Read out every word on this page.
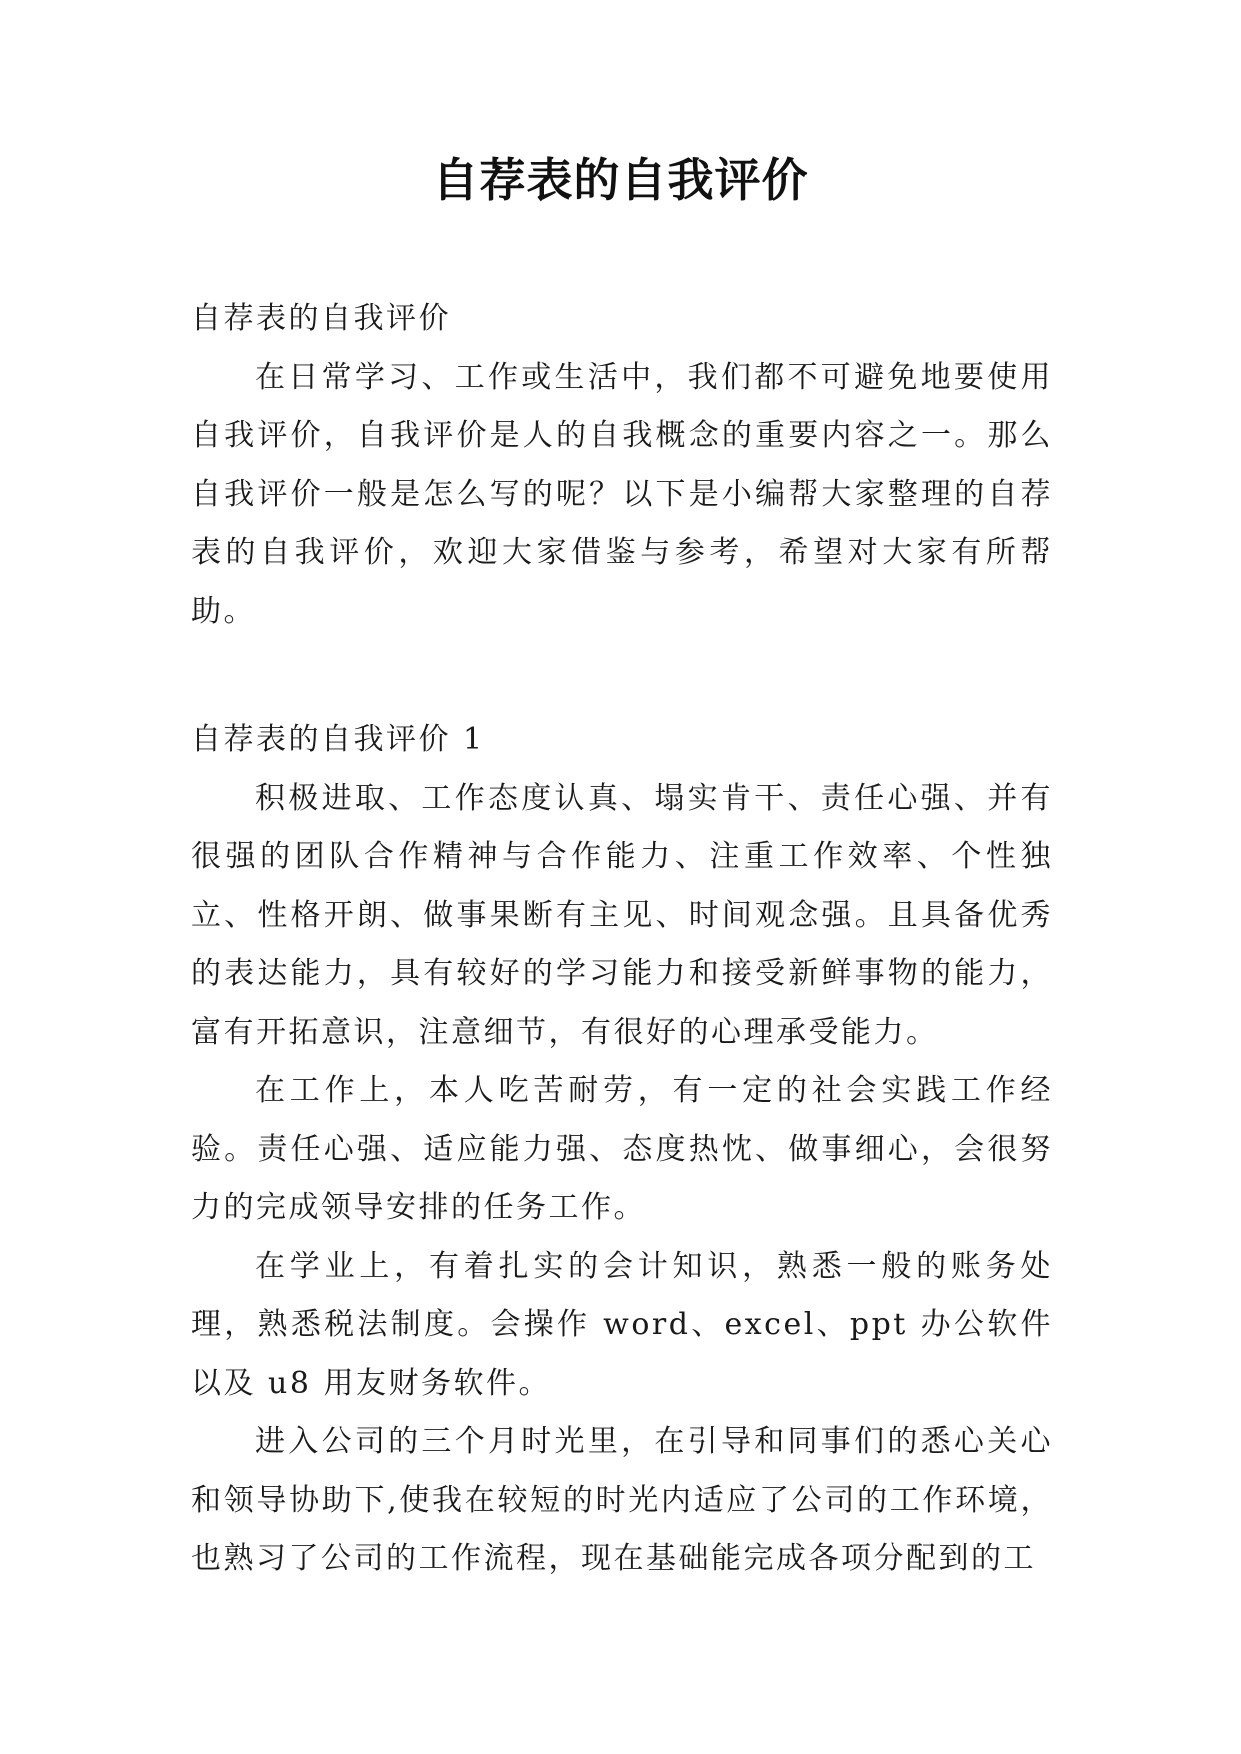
自荐表的自我评价

自荐表的自我评价

在日常学习、工作或生活中，我们都不可避免地要使用自我评价，自我评价是人的自我概念的重要内容之一。那么自我评价一般是怎么写的呢？以下是小编帮大家整理的自荐表的自我评价，欢迎大家借鉴与参考，希望对大家有所帮助。

自荐表的自我评价 1

积极进取、工作态度认真、塌实肯干、责任心强、并有很强的团队合作精神与合作能力、注重工作效率、个性独立、性格开朗、做事果断有主见、时间观念强。且具备优秀的表达能力，具有较好的学习能力和接受新鲜事物的能力，富有开拓意识，注意细节，有很好的心理承受能力。

在工作上，本人吃苦耐劳，有一定的社会实践工作经验。责任心强、适应能力强、态度热忱、做事细心，会很努力的完成领导安排的任务工作。

在学业上，有着扎实的会计知识，熟悉一般的账务处理，熟悉税法制度。会操作 word、excel、ppt 办公软件以及 u8 用友财务软件。

进入公司的三个月时光里，在引导和同事们的悉心关心和领导协助下,使我在较短的时光内适应了公司的工作环境，也熟习了公司的工作流程，现在基础能完成各项分配到的工
